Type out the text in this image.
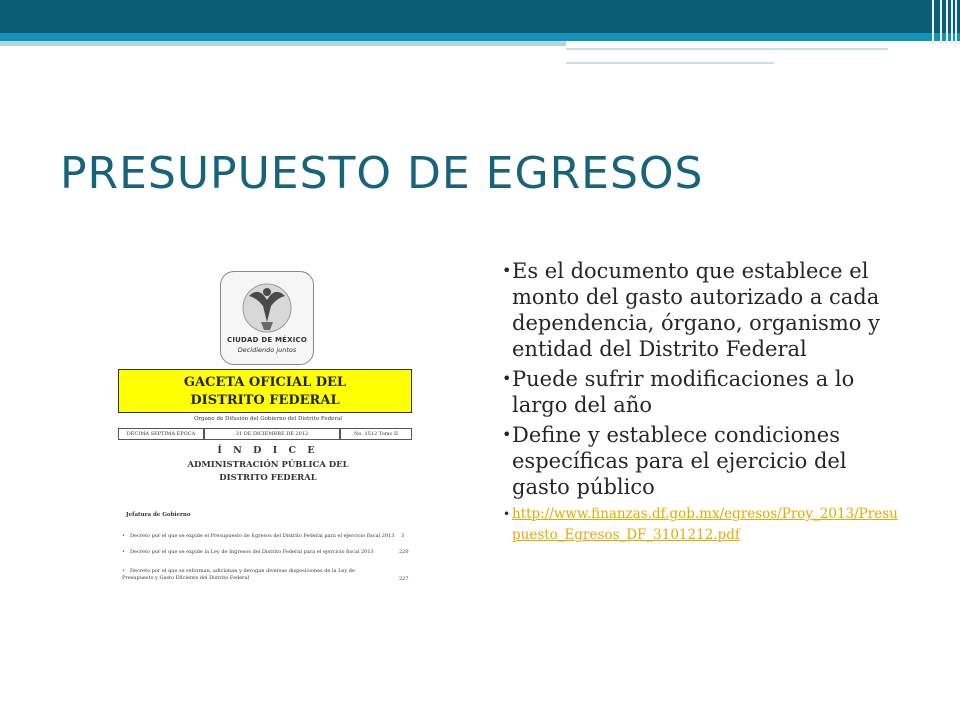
PRESUPUESTO DE EGRESOS
CIUDAD DE MÉXICO
Decidiendo juntos
GACETA OFICIAL DEL
DISTRITO FEDERAL
Órgano de Difusión del Gobierno del Distrito Federal
DÉCIMA SÉPTIMA ÉPOCA	31 DE DICIEMBRE DE 2012	No. 1512 Tomo II
Í N D I C E
ADMINISTRACIÓN PÚBLICA DEL
DISTRITO FEDERAL
Jefatura de Gobierno
• Decreto por el que se expide el Presupuesto de Egresos del Distrito Federal para el ejercicio fiscal 2013	3
• Decreto por el que se expide la Ley de Ingresos del Distrito Federal para el ejercicio fiscal 2013	220
• Decreto por el que se reforman, adicionan y derogan diversas disposiciones de la Ley de Presupuesto y Gasto Eficiente del Distrito Federal	227
• Es el documento que establece el monto del gasto autorizado a cada dependencia, órgano, organismo y entidad del Distrito Federal
• Puede sufrir modificaciones a lo largo del año
• Define y establece condiciones específicas para el ejercicio del gasto público
• http://www.finanzas.df.gob.mx/egresos/Proy_2013/Presupuesto_Egresos_DF_3101212.pdf
